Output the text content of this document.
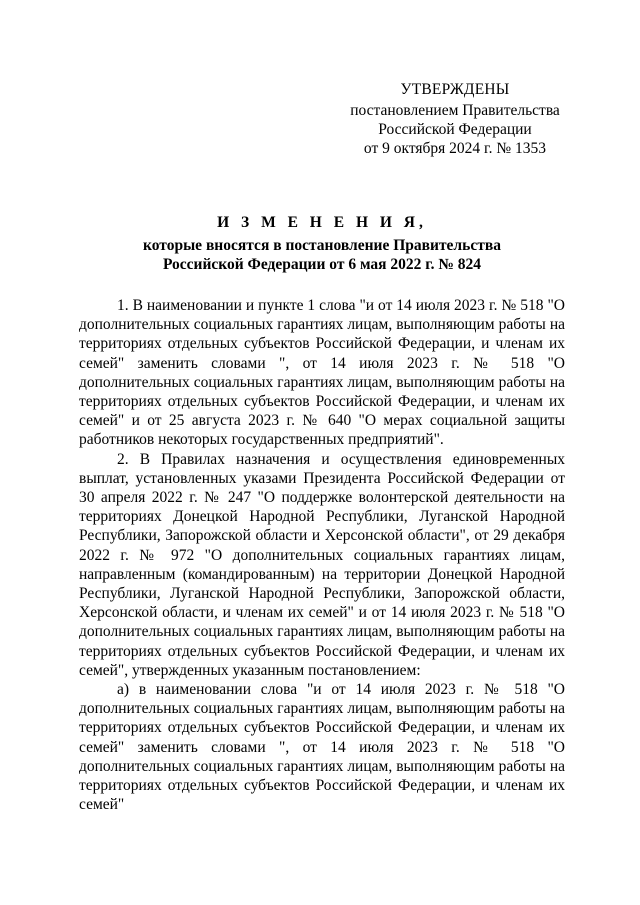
УТВЕРЖДЕНЫ
постановлением Правительства
Российской Федерации
от 9 октября 2024 г. № 1353
И З М Е Н Е Н И Я,
которые вносятся в постановление Правительства
Российской Федерации от 6 мая 2022 г. № 824

1. В наименовании и пункте 1 слова "и от 14 июля 2023 г. № 518 "О дополнительных социальных гарантиях лицам, выполняющим работы на территориях отдельных субъектов Российской Федерации, и членам их семей" заменить словами ", от 14 июля 2023 г. № 518 "О дополнительных социальных гарантиях лицам, выполняющим работы на территориях отдельных субъектов Российской Федерации, и членам их семей" и от 25 августа 2023 г. № 640 "О мерах социальной защиты работников некоторых государственных предприятий".

2. В Правилах назначения и осуществления единовременных выплат, установленных указами Президента Российской Федерации от 30 апреля 2022 г. № 247 "О поддержке волонтерской деятельности на территориях Донецкой Народной Республики, Луганской Народной Республики, Запорожской области и Херсонской области", от 29 декабря 2022 г. № 972 "О дополнительных социальных гарантиях лицам, направленным (командированным) на территории Донецкой Народной Республики, Луганской Народной Республики, Запорожской области, Херсонской области, и членам их семей" и от 14 июля 2023 г. № 518 "О дополнительных социальных гарантиях лицам, выполняющим работы на территориях отдельных субъектов Российской Федерации, и членам их семей", утвержденных указанным постановлением:

а) в наименовании слова "и от 14 июля 2023 г. № 518 "О дополнительных социальных гарантиях лицам, выполняющим работы на территориях отдельных субъектов Российской Федерации, и членам их семей" заменить словами ", от 14 июля 2023 г. № 518 "О дополнительных социальных гарантиях лицам, выполняющим работы на территориях отдельных субъектов Российской Федерации, и членам их семей"
